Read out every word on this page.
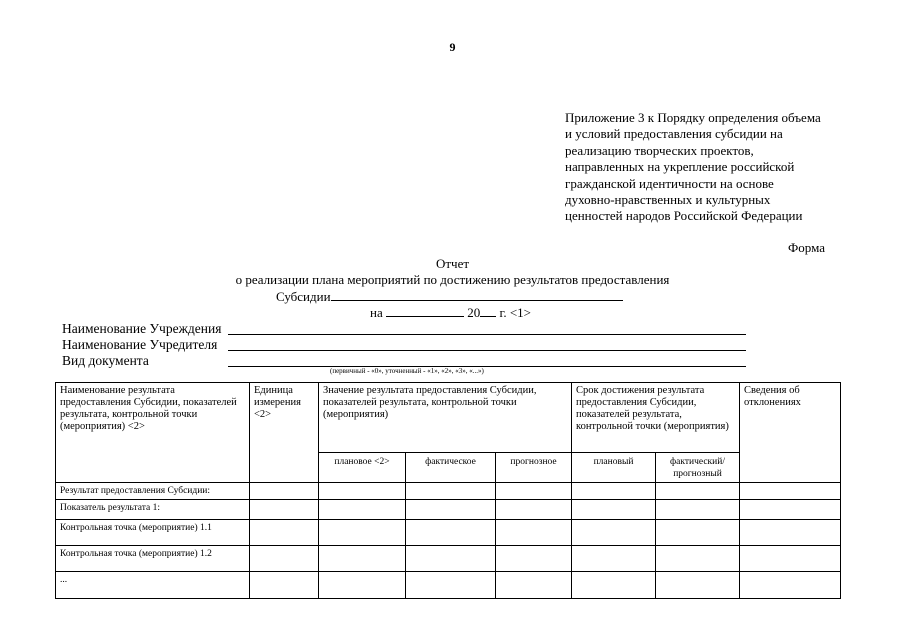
9
Приложение 3 к Порядку определения объема
и условий предоставления субсидии на
реализацию творческих проектов,
направленных на укрепление российской
гражданской идентичности на основе
духовно-нравственных и культурных
ценностей народов Российской Федерации
Форма
Отчет
о реализации плана мероприятий по достижению результатов предоставления
Субсидии
на	20 г. <1>
Наименование Учреждения
Наименование Учредителя
Вид документа
(первичный - «0», уточненный - «1», «2», «3», «...»)
Наименование результата предоставления Субсидии, показателей результата, контрольной точки (мероприятия) <2>	Единица измерения <2>	Значение результата предоставления Субсидии, показателей результата, контрольной точки (мероприятия)			Срок достижения результата предоставления Субсидии, показателей результата, контрольной точки (мероприятия)		Сведения об отклонениях
		плановое <2>	фактическое	прогнозное	плановый	фактический/ прогнозный	
Результат предоставления Субсидии:							
Показатель результата 1:							
Контрольная точка (мероприятие) 1.1							
Контрольная точка (мероприятие) 1.2							
...							
